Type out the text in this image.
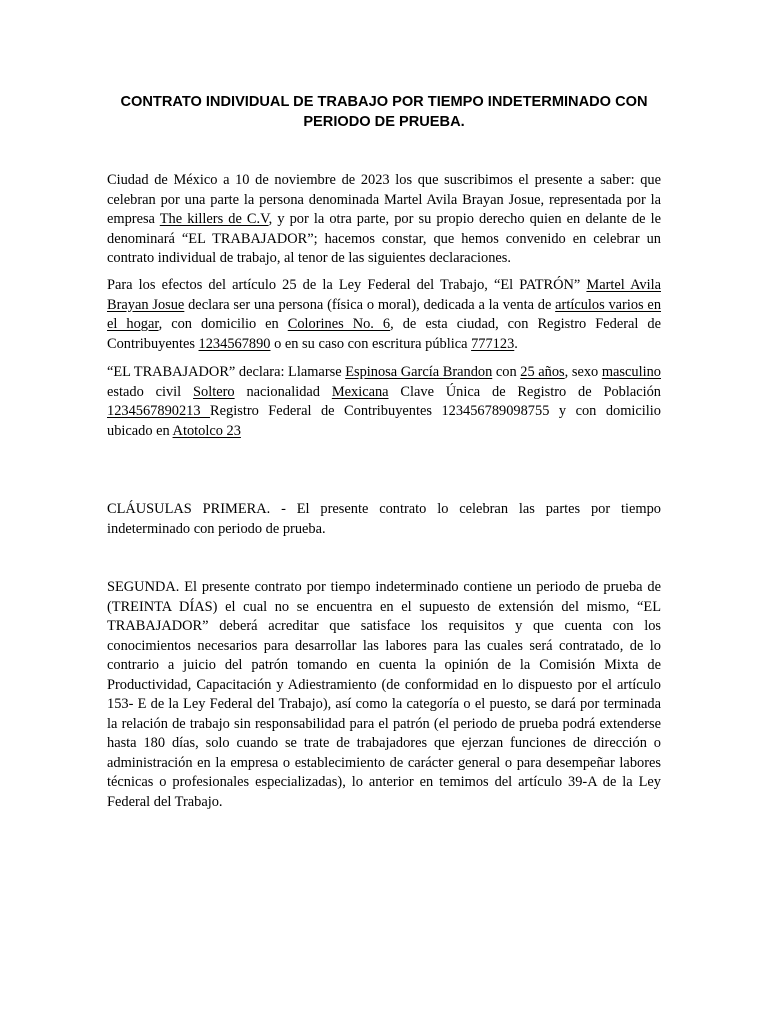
CONTRATO INDIVIDUAL DE TRABAJO POR TIEMPO INDETERMINADO CON
PERIODO DE PRUEBA.

Ciudad de México a 10 de noviembre de 2023 los que suscribimos el presente a saber: que celebran por una parte la persona denominada Martel Avila Brayan Josue, representada por la empresa The killers de C.V, y por la otra parte, por su propio derecho quien en delante de le denominará “EL TRABAJADOR”; hacemos constar, que hemos convenido en celebrar un contrato individual de trabajo, al tenor de las siguientes declaraciones.

Para los efectos del artículo 25 de la Ley Federal del Trabajo, “El PATRÓN” Martel Avila Brayan Josue declara ser una persona (física o moral), dedicada a la venta de artículos varios en el hogar, con domicilio en Colorines No. 6, de esta ciudad, con Registro Federal de Contribuyentes 1234567890 o en su caso con escritura pública 777123.

“EL TRABAJADOR” declara: Llamarse Espinosa García Brandon con 25 años, sexo masculino estado civil Soltero nacionalidad Mexicana Clave Única de Registro de Población 1234567890213 Registro Federal de Contribuyentes 123456789098755 y con domicilio ubicado en Atotolco 23

CLÁUSULAS PRIMERA. - El presente contrato lo celebran las partes por tiempo indeterminado con periodo de prueba.

SEGUNDA. El presente contrato por tiempo indeterminado contiene un periodo de prueba de (TREINTA DÍAS) el cual no se encuentra en el supuesto de extensión del mismo, “EL TRABAJADOR” deberá acreditar que satisface los requisitos y que cuenta con los conocimientos necesarios para desarrollar las labores para las cuales será contratado, de lo contrario a juicio del patrón tomando en cuenta la opinión de la Comisión Mixta de Productividad, Capacitación y Adiestramiento (de conformidad en lo dispuesto por el artículo 153- E de la Ley Federal del Trabajo), así como la categoría o el puesto, se dará por terminada la relación de trabajo sin responsabilidad para el patrón (el periodo de prueba podrá extenderse hasta 180 días, solo cuando se trate de trabajadores que ejerzan funciones de dirección o administración en la empresa o establecimiento de carácter general o para desempeñar labores técnicas o profesionales especializadas), lo anterior en temimos del artículo 39-A de la Ley Federal del Trabajo.
